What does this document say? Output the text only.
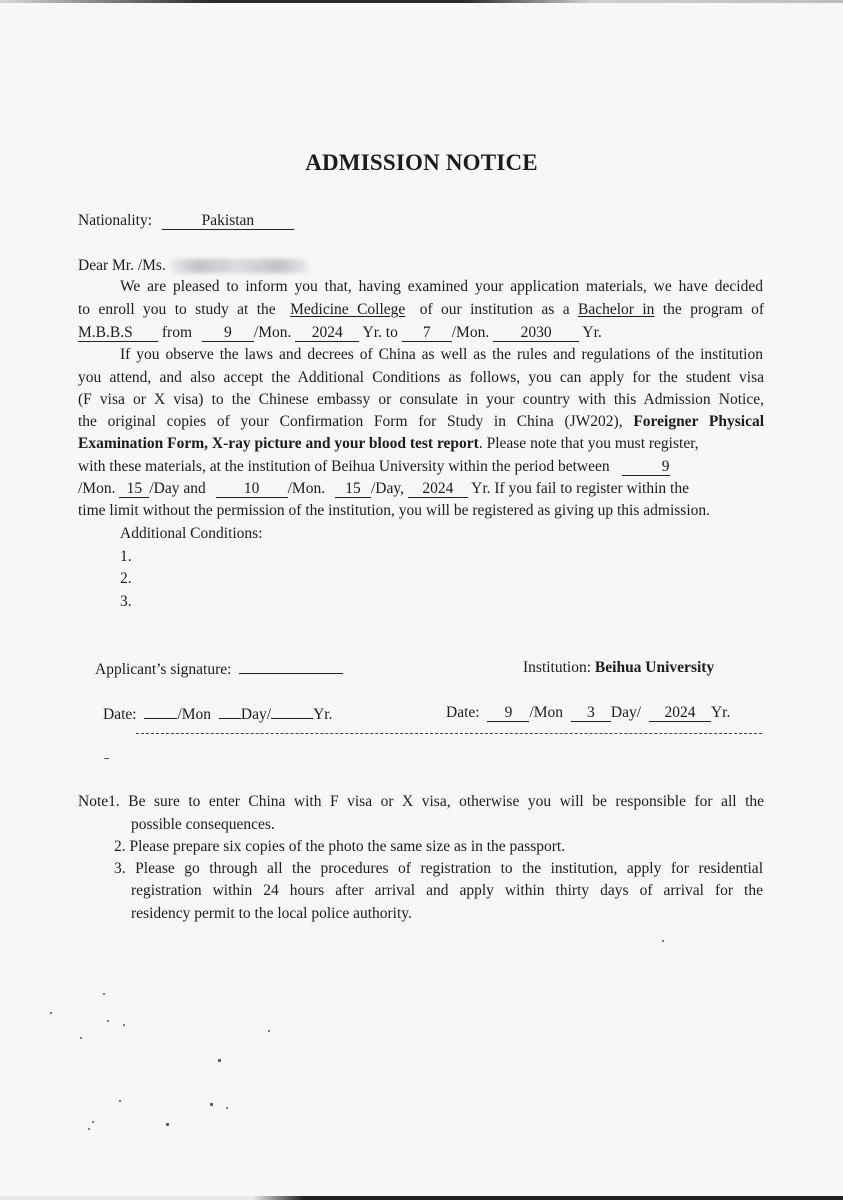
ADMISSION NOTICE
Nationality:	Pakistan
Dear Mr. /Ms.
We are pleased to inform you that, having examined your application materials, we have decided
to enroll you to study at the Medicine College of our institution as a Bachelor in the program of
M.B.B.S from 9 /Mon. 2024 Yr. to 7 /Mon. 2030 Yr.
If you observe the laws and decrees of China as well as the rules and regulations of the institution
you attend, and also accept the Additional Conditions as follows, you can apply for the student visa
(F visa or X visa) to the Chinese embassy or consulate in your country with this Admission Notice,
the original copies of your Confirmation Form for Study in China (JW202), Foreigner Physical
Examination Form, X-ray picture and your blood test report. Please note that you must register,
with these materials, at the institution of Beihua University within the period between	9
/Mon. 15 /Day and 10 /Mon. 15 /Day, 2024 Yr. If you fail to register within the
time limit without the permission of the institution, you will be registered as giving up this admission.
Additional Conditions:
1.
2.
3.
Applicant’s signature:	Institution: Beihua University
Date:	/Mon Day/	Yr.	Date: 9 /Mon 3 Day/ 2024 Yr.
Note1. Be sure to enter China with F visa or X visa, otherwise you will be responsible for all the
possible consequences.
2. Please prepare six copies of the photo the same size as in the passport.
3. Please go through all the procedures of registration to the institution, apply for residential
registration within 24 hours after arrival and apply within thirty days of arrival for the
residency permit to the local police authority.
